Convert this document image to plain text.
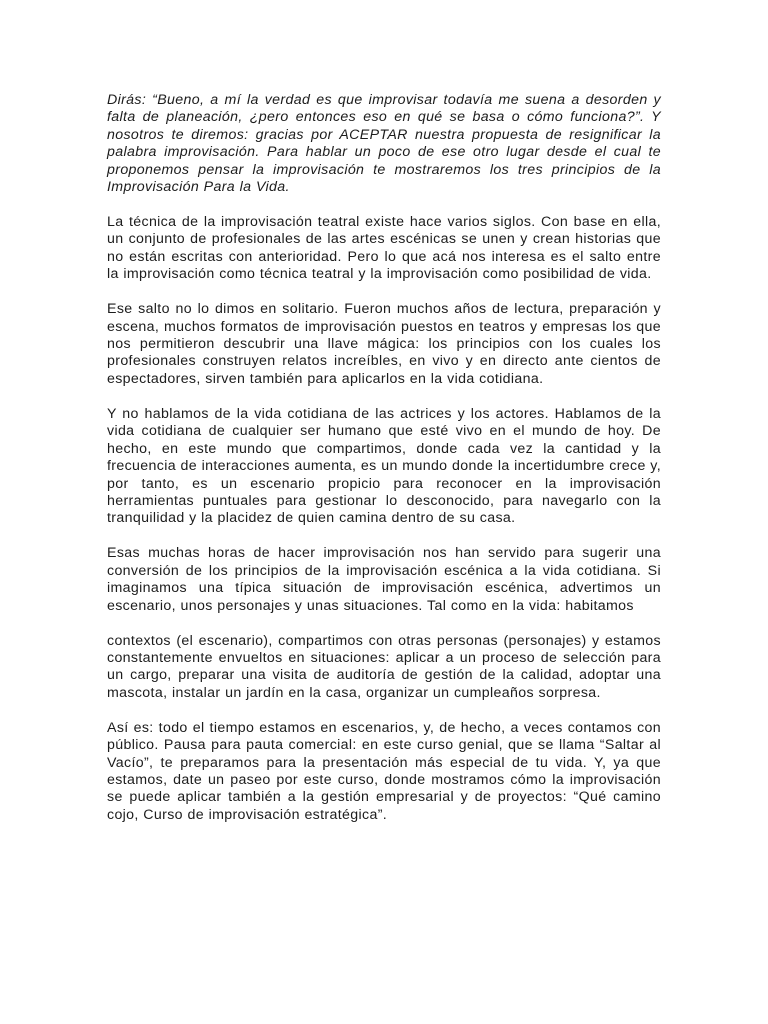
Dirás: “Bueno, a mí la verdad es que improvisar todavía me suena a desorden y falta de planeación, ¿pero entonces eso en qué se basa o cómo funciona?”. Y nosotros te diremos: gracias por ACEPTAR nuestra propuesta de resignificar la palabra improvisación. Para hablar un poco de ese otro lugar desde el cual te proponemos pensar la improvisación te mostraremos los tres principios de la Improvisación Para la Vida.

La técnica de la improvisación teatral existe hace varios siglos. Con base en ella, un conjunto de profesionales de las artes escénicas se unen y crean historias que no están escritas con anterioridad. Pero lo que acá nos interesa es el salto entre la improvisación como técnica teatral y la improvisación como posibilidad de vida.

Ese salto no lo dimos en solitario. Fueron muchos años de lectura, preparación y escena, muchos formatos de improvisación puestos en teatros y empresas los que nos permitieron descubrir una llave mágica: los principios con los cuales los profesionales construyen relatos increíbles, en vivo y en directo ante cientos de espectadores, sirven también para aplicarlos en la vida cotidiana.

Y no hablamos de la vida cotidiana de las actrices y los actores. Hablamos de la vida cotidiana de cualquier ser humano que esté vivo en el mundo de hoy. De hecho, en este mundo que compartimos, donde cada vez la cantidad y la frecuencia de interacciones aumenta, es un mundo donde la incertidumbre crece y, por tanto, es un escenario propicio para reconocer en la improvisación herramientas puntuales para gestionar lo desconocido, para navegarlo con la tranquilidad y la placidez de quien camina dentro de su casa.

Esas muchas horas de hacer improvisación nos han servido para sugerir una conversión de los principios de la improvisación escénica a la vida cotidiana. Si imaginamos una típica situación de improvisación escénica, advertimos un escenario, unos personajes y unas situaciones. Tal como en la vida: habitamos

contextos (el escenario), compartimos con otras personas (personajes) y estamos constantemente envueltos en situaciones: aplicar a un proceso de selección para un cargo, preparar una visita de auditoría de gestión de la calidad, adoptar una mascota, instalar un jardín en la casa, organizar un cumpleaños sorpresa.

Así es: todo el tiempo estamos en escenarios, y, de hecho, a veces contamos con público. Pausa para pauta comercial: en este curso genial, que se llama “Saltar al Vacío”, te preparamos para la presentación más especial de tu vida. Y, ya que estamos, date un paseo por este curso, donde mostramos cómo la improvisación se puede aplicar también a la gestión empresarial y de proyectos: “Qué camino cojo, Curso de improvisación estratégica”.
